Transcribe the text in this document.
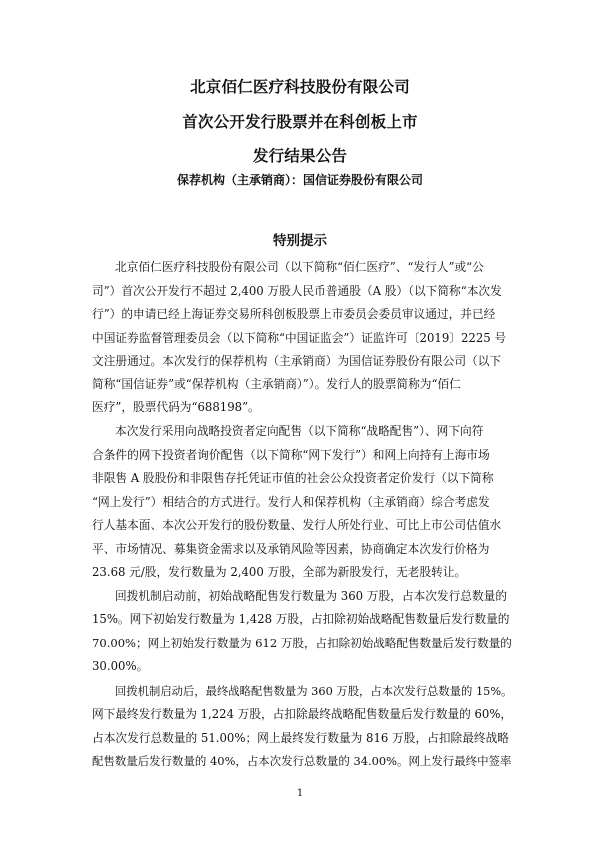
北京佰仁医疗科技股份有限公司
首次公开发行股票并在科创板上市
发行结果公告
保荐机构（主承销商）：国信证券股份有限公司
特别提示
北京佰仁医疗科技股份有限公司（以下简称“佰仁医疗”、“发行人”或“公
司”）首次公开发行不超过 2,400 万股人民币普通股（A 股）（以下简称“本次发
行”）的申请已经上海证券交易所科创板股票上市委员会委员审议通过，并已经
中国证券监督管理委员会（以下简称“中国证监会”）证监许可〔2019〕2225 号
文注册通过。本次发行的保荐机构（主承销商）为国信证券股份有限公司（以下
简称“国信证券”或“保荐机构（主承销商）”）。发行人的股票简称为“佰仁
医疗”，股票代码为“688198”。
本次发行采用向战略投资者定向配售（以下简称“战略配售”）、网下向符
合条件的网下投资者询价配售（以下简称“网下发行”）和网上向持有上海市场
非限售 A 股股份和非限售存托凭证市值的社会公众投资者定价发行（以下简称
“网上发行”）相结合的方式进行。发行人和保荐机构（主承销商）综合考虑发
行人基本面、本次公开发行的股份数量、发行人所处行业、可比上市公司估值水
平、市场情况、募集资金需求以及承销风险等因素，协商确定本次发行价格为
23.68 元/股，发行数量为 2,400 万股，全部为新股发行，无老股转让。
回拨机制启动前，初始战略配售发行数量为 360 万股，占本次发行总数量的
15%。网下初始发行数量为 1,428 万股，占扣除初始战略配售数量后发行数量的
70.00%；网上初始发行数量为 612 万股，占扣除初始战略配售数量后发行数量的
30.00%。
回拨机制启动后，最终战略配售数量为 360 万股，占本次发行总数量的 15%。
网下最终发行数量为 1,224 万股，占扣除最终战略配售数量后发行数量的 60%，
占本次发行总数量的 51.00%；网上最终发行数量为 816 万股，占扣除最终战略
配售数量后发行数量的 40%，占本次发行总数量的 34.00%。网上发行最终中签率
1
